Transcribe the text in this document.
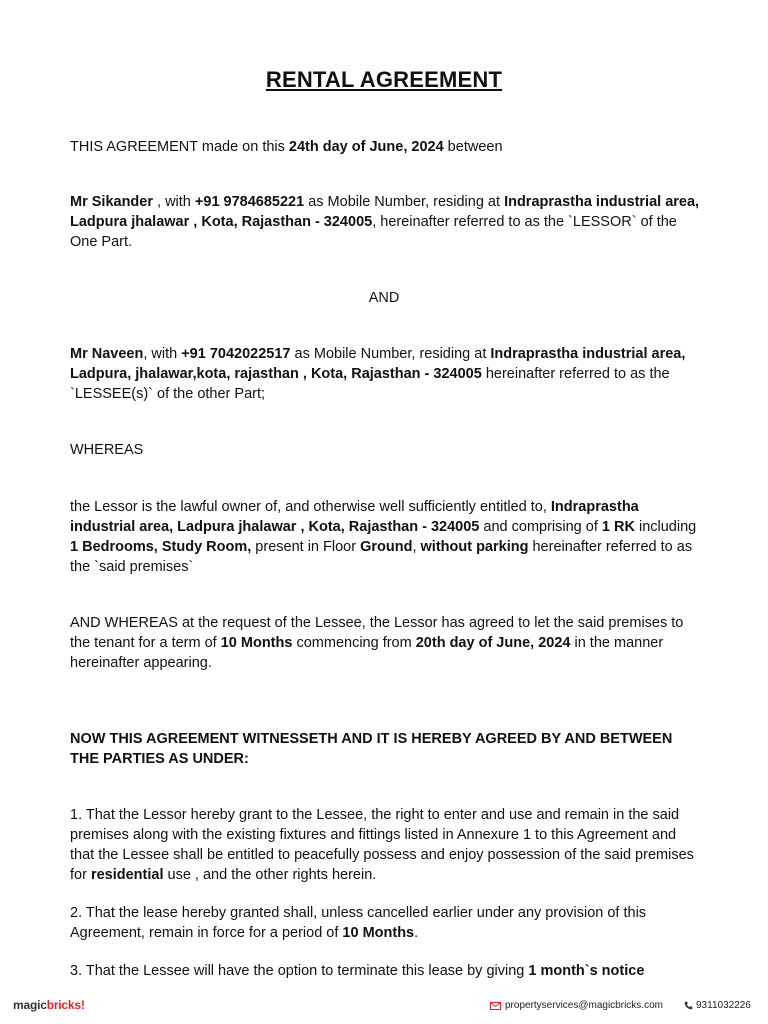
RENTAL AGREEMENT
THIS AGREEMENT made on this 24th day of June, 2024 between
Mr Sikander , with +91 9784685221 as Mobile Number, residing at Indraprastha industrial area, Ladpura jhalawar , Kota, Rajasthan - 324005, hereinafter referred to as the `LESSOR` of the One Part.
AND
Mr Naveen, with +91 7042022517 as Mobile Number, residing at Indraprastha industrial area, Ladpura, jhalawar,kota, rajasthan , Kota, Rajasthan - 324005 hereinafter referred to as the `LESSEE(s)` of the other Part;
WHEREAS
the Lessor is the lawful owner of, and otherwise well sufficiently entitled to, Indraprastha industrial area, Ladpura jhalawar , Kota, Rajasthan - 324005 and comprising of 1 RK including 1 Bedrooms, Study Room, present in Floor Ground, without parking hereinafter referred to as the `said premises`
AND WHEREAS at the request of the Lessee, the Lessor has agreed to let the said premises to the tenant for a term of 10 Months commencing from 20th day of June, 2024 in the manner hereinafter appearing.
NOW THIS AGREEMENT WITNESSETH AND IT IS HEREBY AGREED BY AND BETWEEN THE PARTIES AS UNDER:
1. That the Lessor hereby grant to the Lessee, the right to enter and use and remain in the said premises along with the existing fixtures and fittings listed in Annexure 1 to this Agreement and that the Lessee shall be entitled to peacefully possess and enjoy possession of the said premises for residential use , and the other rights herein.
2. That the lease hereby granted shall, unless cancelled earlier under any provision of this Agreement, remain in force for a period of 10 Months.
3. That the Lessee will have the option to terminate this lease by giving 1 month`s notice
magicbricks!	propertyservices@magicbricks.com	9311032226
